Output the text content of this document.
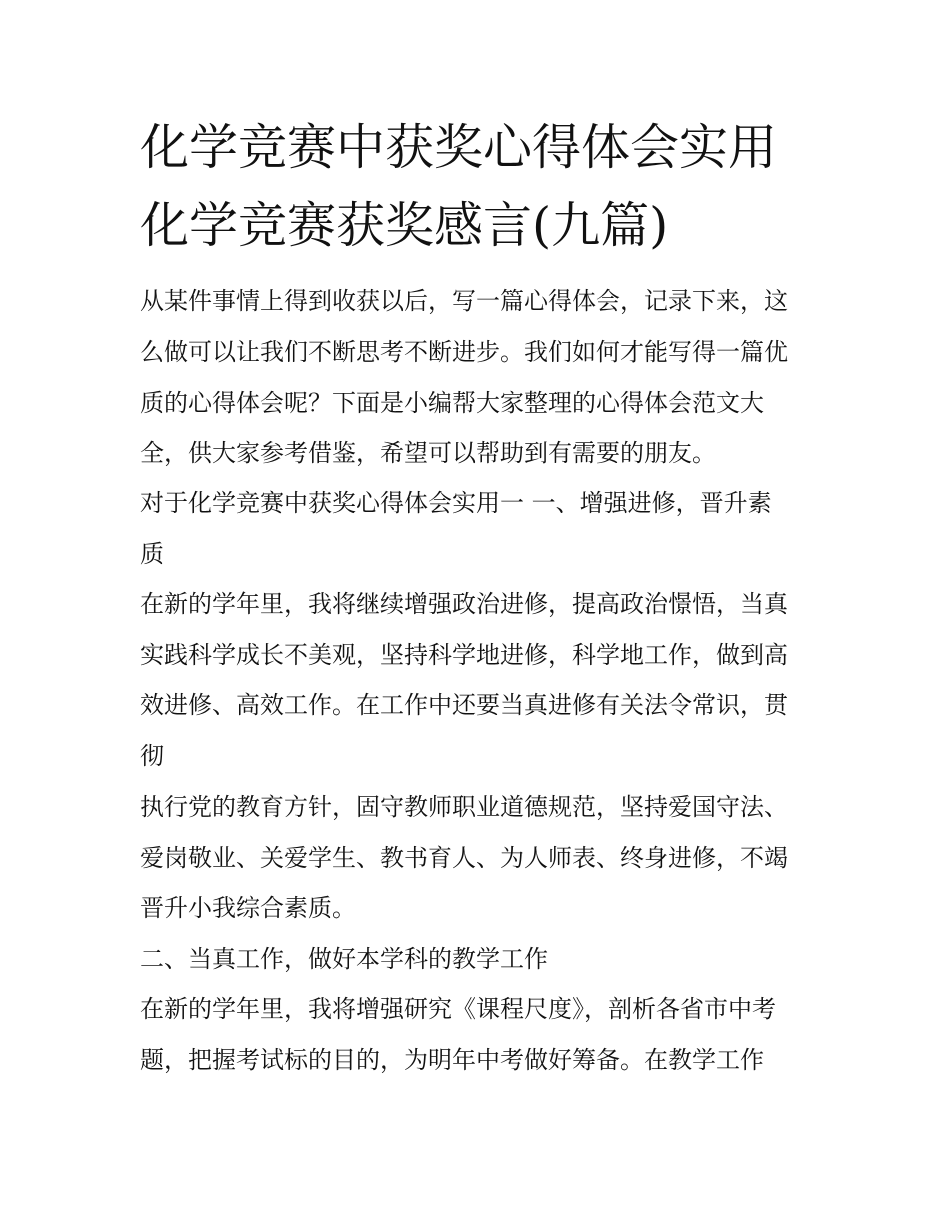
化学竞赛中获奖心得体会实用
化学竞赛获奖感言(九篇)
从某件事情上得到收获以后，写一篇心得体会，记录下来，这
么做可以让我们不断思考不断进步。我们如何才能写得一篇优
质的心得体会呢？下面是小编帮大家整理的心得体会范文大
全，供大家参考借鉴，希望可以帮助到有需要的朋友。
对于化学竞赛中获奖心得体会实用一 一、增强进修，晋升素
质
在新的学年里，我将继续增强政治进修，提高政治憬悟，当真
实践科学成长不美观，坚持科学地进修，科学地工作，做到高
效进修、高效工作。在工作中还要当真进修有关法令常识，贯
彻
执行党的教育方针，固守教师职业道德规范，坚持爱国守法、
爱岗敬业、关爱学生、教书育人、为人师表、终身进修，不竭
晋升小我综合素质。
二、当真工作，做好本学科的教学工作
在新的学年里，我将增强研究《课程尺度》，剖析各省市中考
题，把握考试标的目的，为明年中考做好筹备。在教学工作
